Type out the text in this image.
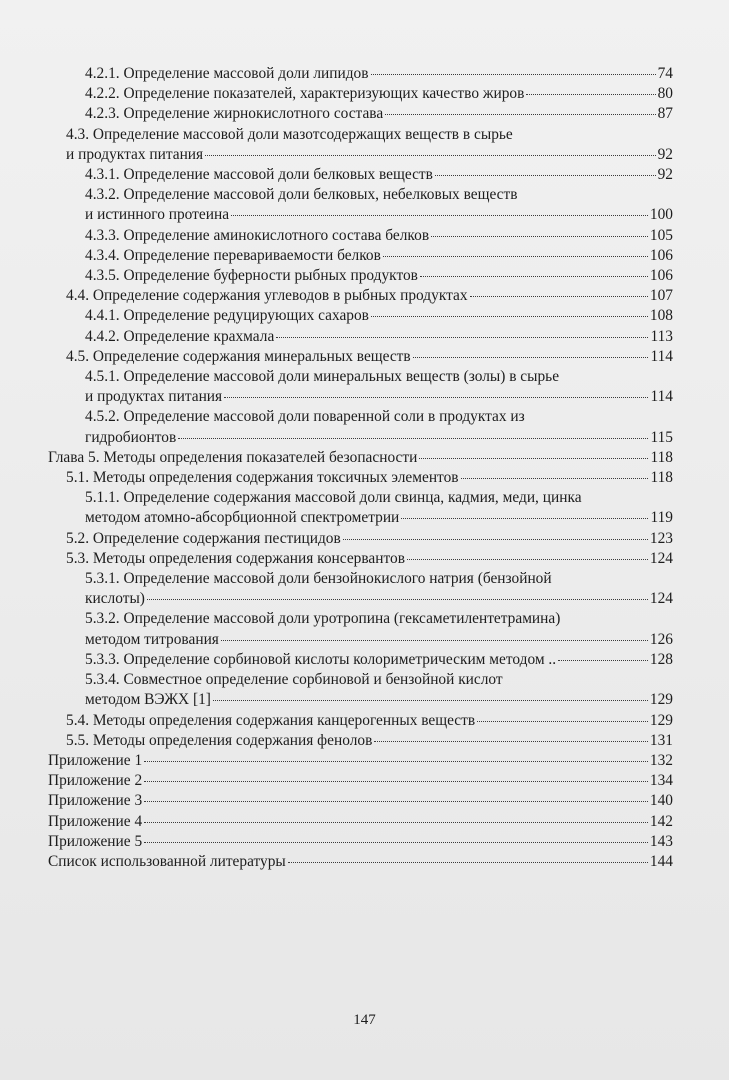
4.2.1. Определение массовой доли липидов	74
4.2.2. Определение показателей, характеризующих качество жиров	80
4.2.3. Определение жирнокислотного состава	87
4.3. Определение массовой доли мазотсодержащих веществ в сырье
и продуктах питания	92
4.3.1. Определение массовой доли белковых веществ	92
4.3.2. Определение массовой доли белковых, небелковых веществ
и истинного протеина	100
4.3.3. Определение аминокислотного состава белков	105
4.3.4. Определение перевариваемости белков	106
4.3.5. Определение буферности рыбных продуктов	106
4.4. Определение содержания углеводов в рыбных продуктах	107
4.4.1. Определение редуцирующих сахаров	108
4.4.2. Определение крахмала	113
4.5. Определение содержания минеральных веществ	114
4.5.1. Определение массовой доли минеральных веществ (золы) в сырье
и продуктах питания	114
4.5.2. Определение массовой доли поваренной соли в продуктах из
гидробионтов	115
Глава 5. Методы определения показателей безопасности	118
5.1. Методы определения содержания токсичных элементов	118
5.1.1. Определение содержания массовой доли свинца, кадмия, меди, цинка
методом атомно-абсорбционной спектрометрии	119
5.2. Определение содержания пестицидов	123
5.3. Методы определения содержания консервантов	124
5.3.1. Определение массовой доли бензойнокислого натрия (бензойной
кислоты)	124
5.3.2. Определение массовой доли уротропина (гексаметилентетрамина)
методом титрования	126
5.3.3. Определение сорбиновой кислоты колориметрическим методом ..	128
5.3.4. Совместное определение сорбиновой и бензойной кислот
методом ВЭЖХ [1]	129
5.4. Методы определения содержания канцерогенных веществ	129
5.5. Методы определения содержания фенолов	131
Приложение 1	132
Приложение 2	134
Приложение 3	140
Приложение 4	142
Приложение 5	143
Список использованной литературы	144
147
